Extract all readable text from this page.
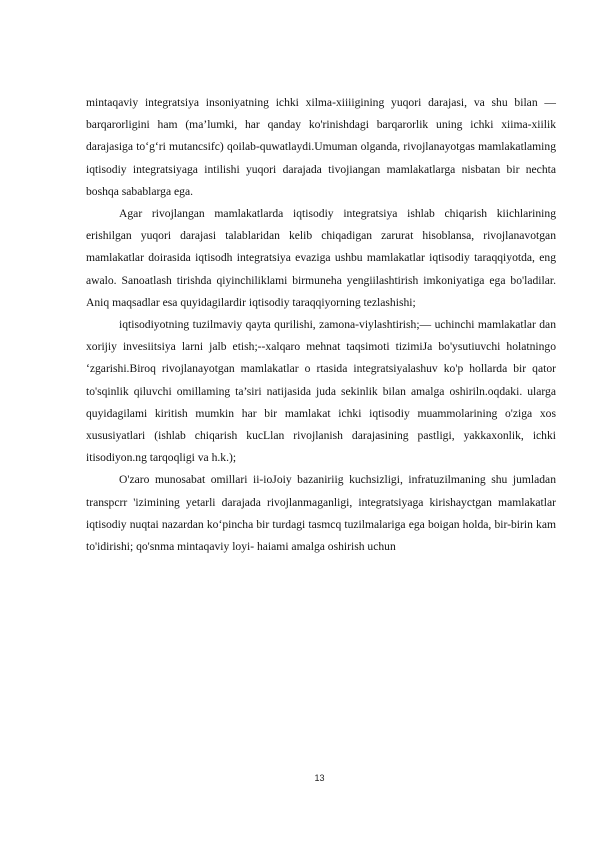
mintaqaviy integratsiya insoniyatning ichki xilma-xiiiigining yuqori darajasi, va shu bilan — barqarorligini ham (ma’lumki, har qanday ko'rinishdagi barqarorlik uning ichki xiima-xiilik darajasiga to‘g‘ri mutancsifc) qoilab-quwatlaydi.Umuman olganda, rivojlanayotgas mamlakatlaming iqtisodiy integratsiyaga intilishi yuqori darajada tivojiangan mamlakatlarga nisbatan bir nechta boshqa sabablarga ega.

Agar rivojlangan mamlakatlarda iqtisodiy integratsiya ishlab chiqarish kiichlarining erishilgan yuqori darajasi talablaridan kelib chiqadigan zarurat hisoblansa, rivojlanavotgan mamlakatlar doirasida iqtisodh integratsiya evaziga ushbu mamlakatlar iqtisodiy taraqqiyotda, eng awalo. Sanoatlash tirishda qiyinchiliklami birmuneha yengiilashtirish imkoniyatiga ega bo'ladilar. Aniq maqsadlar esa quyidagilardir iqtisodiy taraqqiyorning tezlashishi;

iqtisodiyotning tuzilmaviy qayta qurilishi, zamona-viylashtirish;— uchinchi mamlakatlar dan xorijiy invesiitsiya larni jalb etish;--xalqaro mehnat taqsimoti tizimiJa bo'ysutiuvchi holatningo ‘zgarishi.Biroq rivojlanayotgan mamlakatlar o rtasida integratsiyalashuv ko'p hollarda bir qator to'sqinlik qiluvchi omillaming ta’siri natijasida juda sekinlik bilan amalga oshiriln.oqdaki. ularga quyidagilami kiritish mumkin har bir mamlakat ichki iqtisodiy muammolarining o'ziga xos xususiyatlari (ishlab chiqarish kucLlan rivojlanish darajasining pastligi, yakkaxonlik, ichki itisodiyon.ng tarqoqligi va h.k.);

O'zaro munosabat omillari ii-ioJoiy bazaniriig kuchsizligi, infratuzilmaning shu jumladan transpcrr 'izimining yetarli darajada rivojlanmaganligi, integratsiyaga kirishayctgan mamlakatlar iqtisodiy nuqtai nazardan ko‘pincha bir turdagi tasmcq tuzilmalariga ega boigan holda, bir-birin kam to'idirishi; qo'snma mintaqaviy loyi- haiami amalga oshirish uchun

13
